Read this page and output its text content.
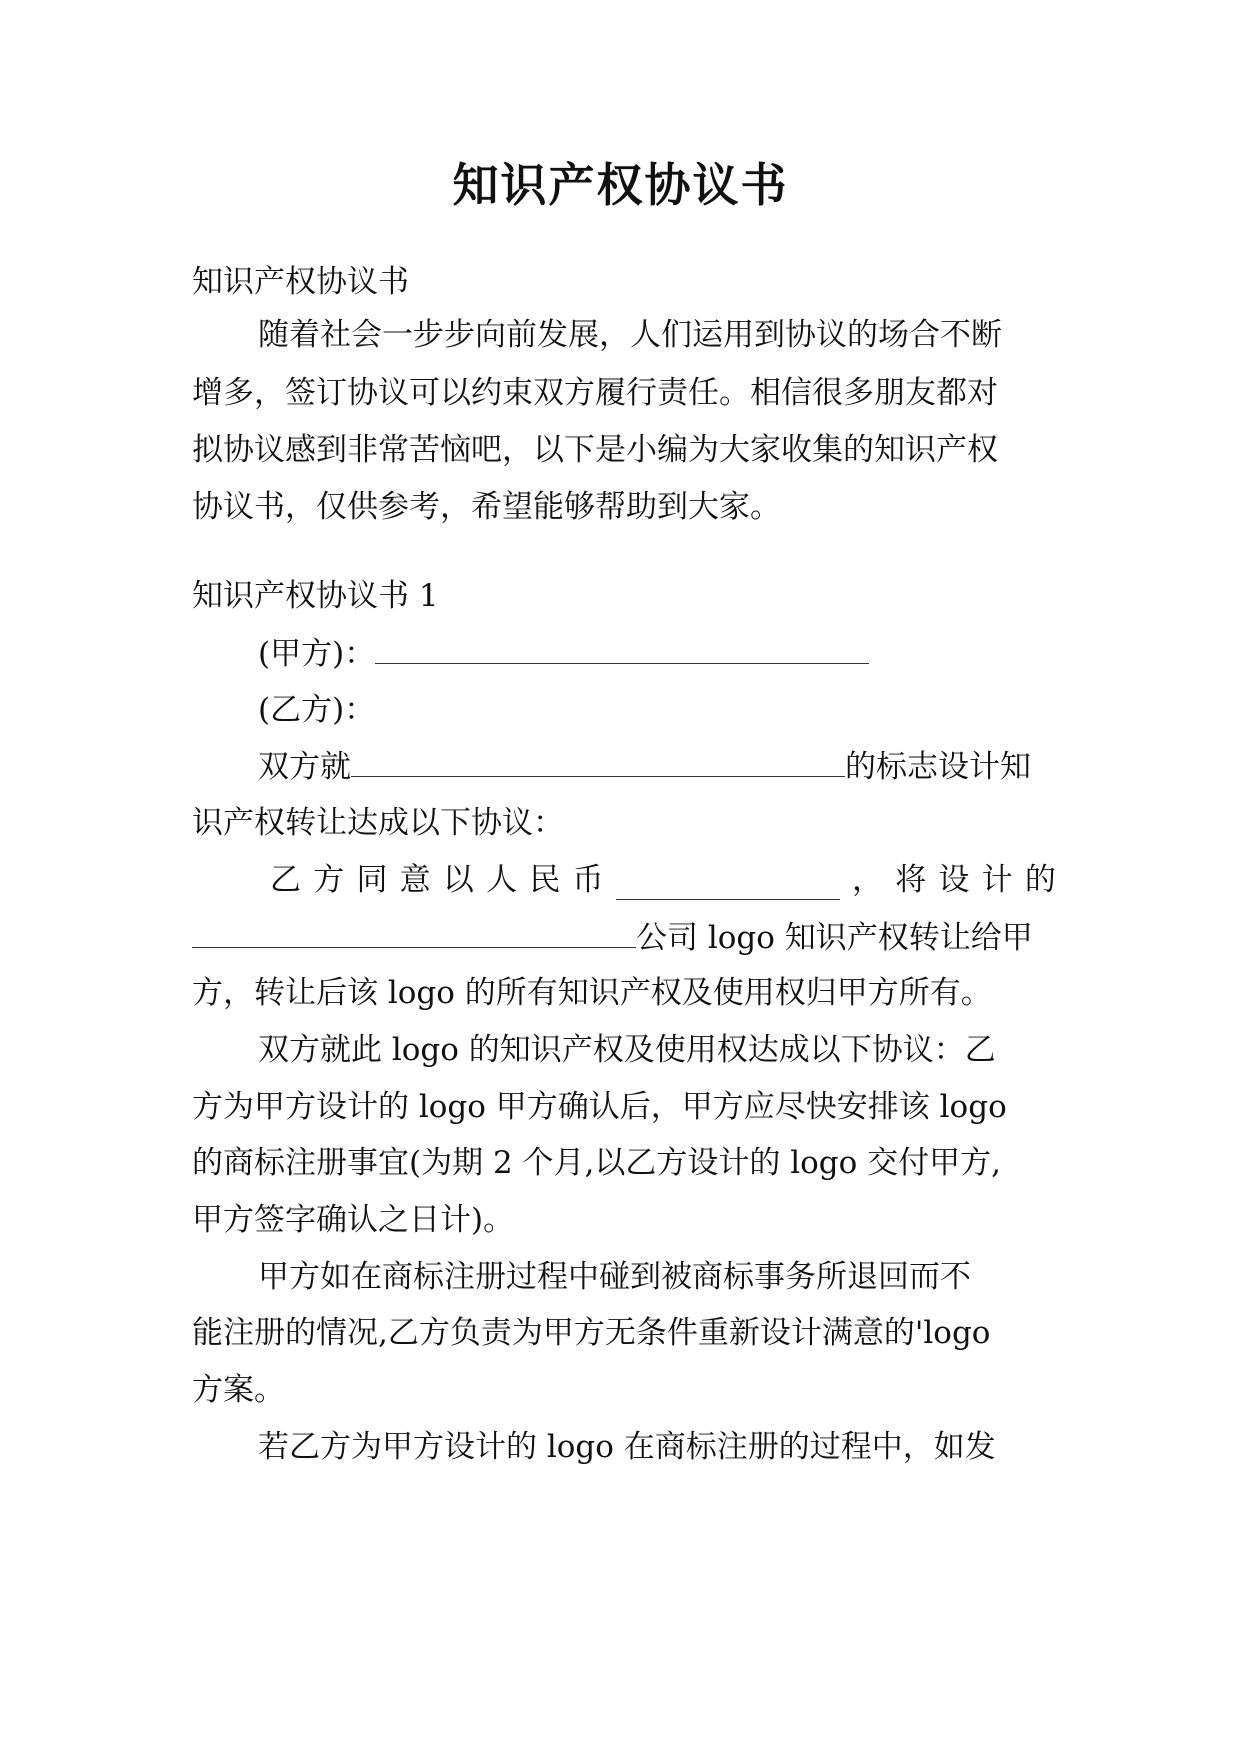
知识产权协议书
知识产权协议书
随着社会一步步向前发展，人们运用到协议的场合不断
增多，签订协议可以约束双方履行责任。相信很多朋友都对
拟协议感到非常苦恼吧，以下是小编为大家收集的知识产权
协议书，仅供参考，希望能够帮助到大家。
知识产权协议书 1
(甲方)：
(乙方)：
双方就	的标志设计知
识产权转让达成以下协议：
乙 方 同 意 以 人 民 币	， 将 设 计 的
公司 logo 知识产权转让给甲
方，转让后该 logo 的所有知识产权及使用权归甲方所有。
双方就此 logo 的知识产权及使用权达成以下协议：乙
方为甲方设计的 logo 甲方确认后，甲方应尽快安排该 logo
的商标注册事宜(为期 2 个月,以乙方设计的 logo 交付甲方,
甲方签字确认之日计)。
甲方如在商标注册过程中碰到被商标事务所退回而不
能注册的情况,乙方负责为甲方无条件重新设计满意的'logo
方案。
若乙方为甲方设计的 logo 在商标注册的过程中，如发
